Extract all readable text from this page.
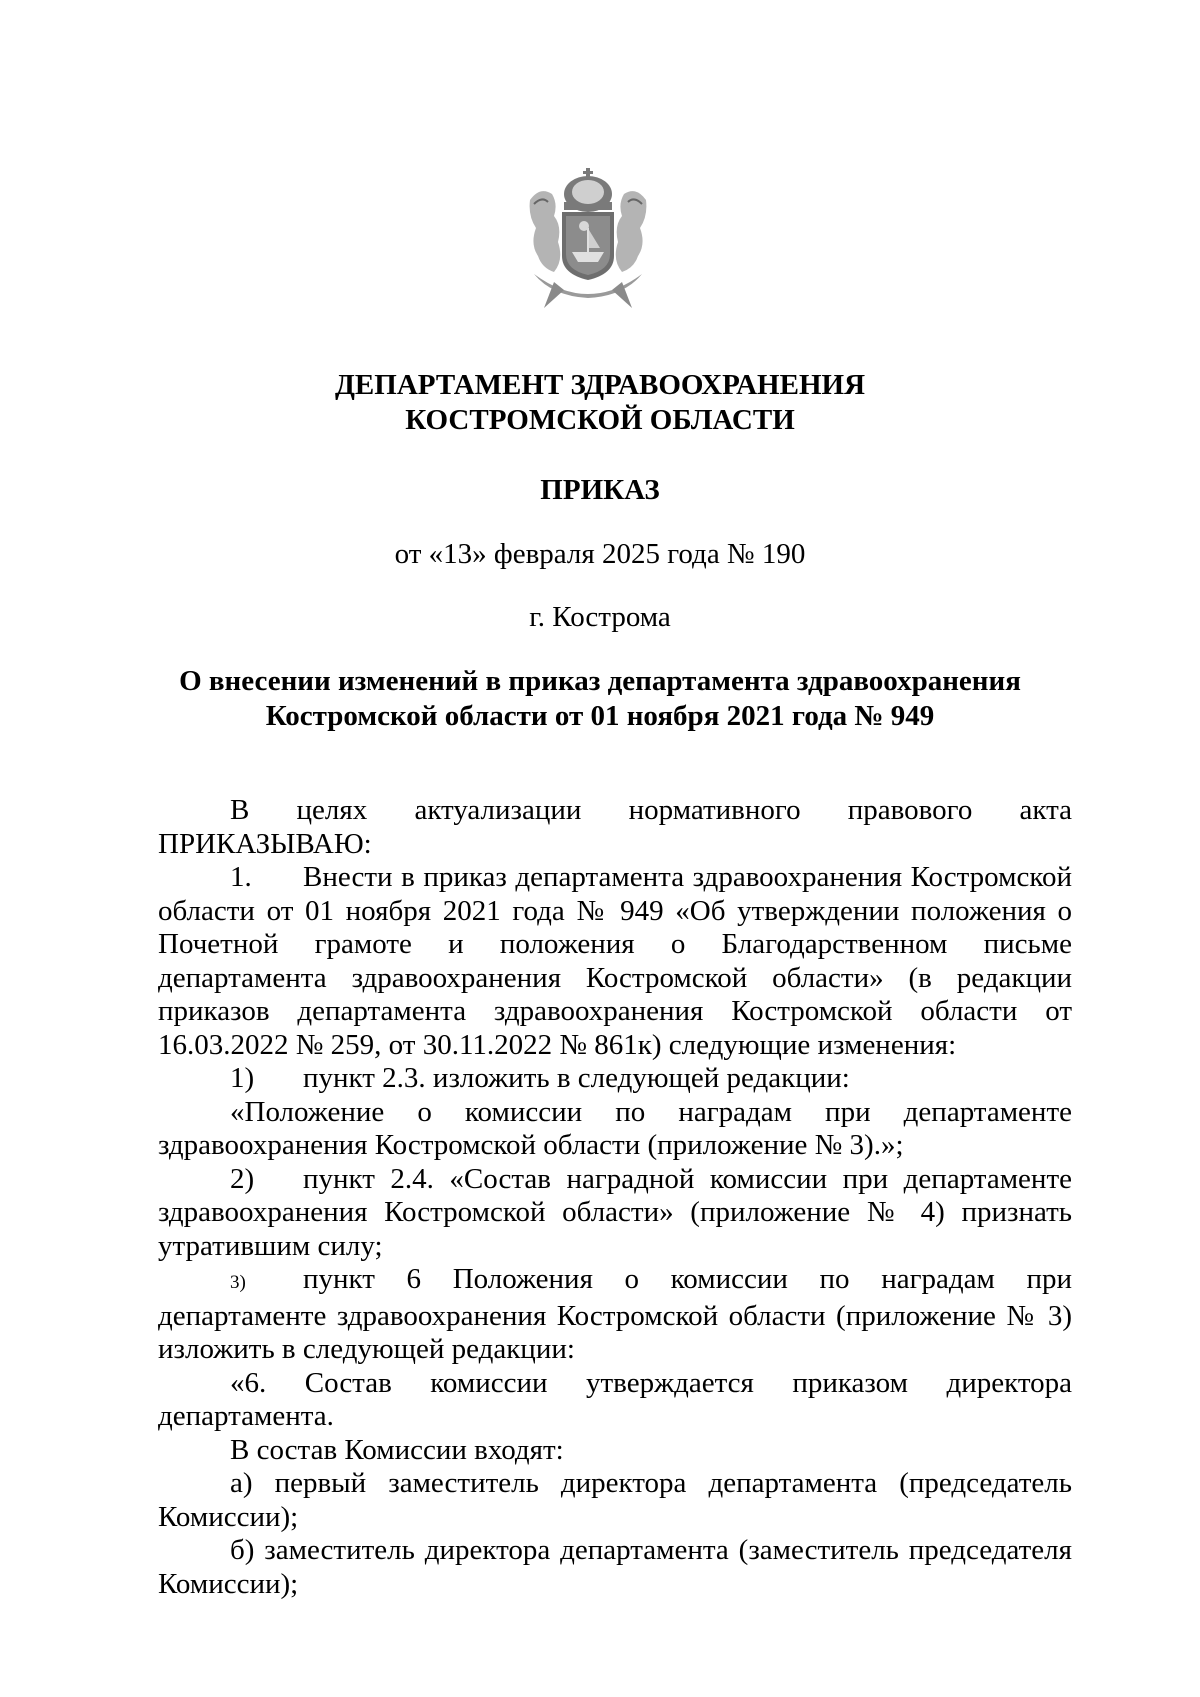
ДЕПАРТАМЕНТ ЗДРАВООХРАНЕНИЯ
КОСТРОМСКОЙ ОБЛАСТИ
ПРИКАЗ
от «13» февраля 2025 года № 190
г. Кострома
О внесении изменений в приказ департамента здравоохранения
Костромской области от 01 ноября 2021 года № 949

В целях актуализации нормативного правового акта

ПРИКАЗЫВАЮ:

1. Внести в приказ департамента здравоохранения Костромской области от 01 ноября 2021 года № 949 «Об утверждении положения о Почетной грамоте и положения о Благодарственном письме департамента здравоохранения Костромской области» (в редакции приказов департамента здравоохранения Костромской области от 16.03.2022 № 259, от 30.11.2022 № 861к) следующие изменения:

1) пункт 2.3. изложить в следующей редакции:

«Положение о комиссии по наградам при департаменте здравоохранения Костромской области (приложение № 3).»;

2) пункт 2.4. «Состав наградной комиссии при департаменте здравоохранения Костромской области» (приложение № 4) признать утратившим силу;

3) пункт 6 Положения о комиссии по наградам при департаменте здравоохранения Костромской области (приложение № 3) изложить в следующей редакции:

«6. Состав комиссии утверждается приказом директора департамента.

В состав Комиссии входят:

а) первый заместитель директора департамента (председатель Комиссии);

б) заместитель директора департамента (заместитель председателя Комиссии);
